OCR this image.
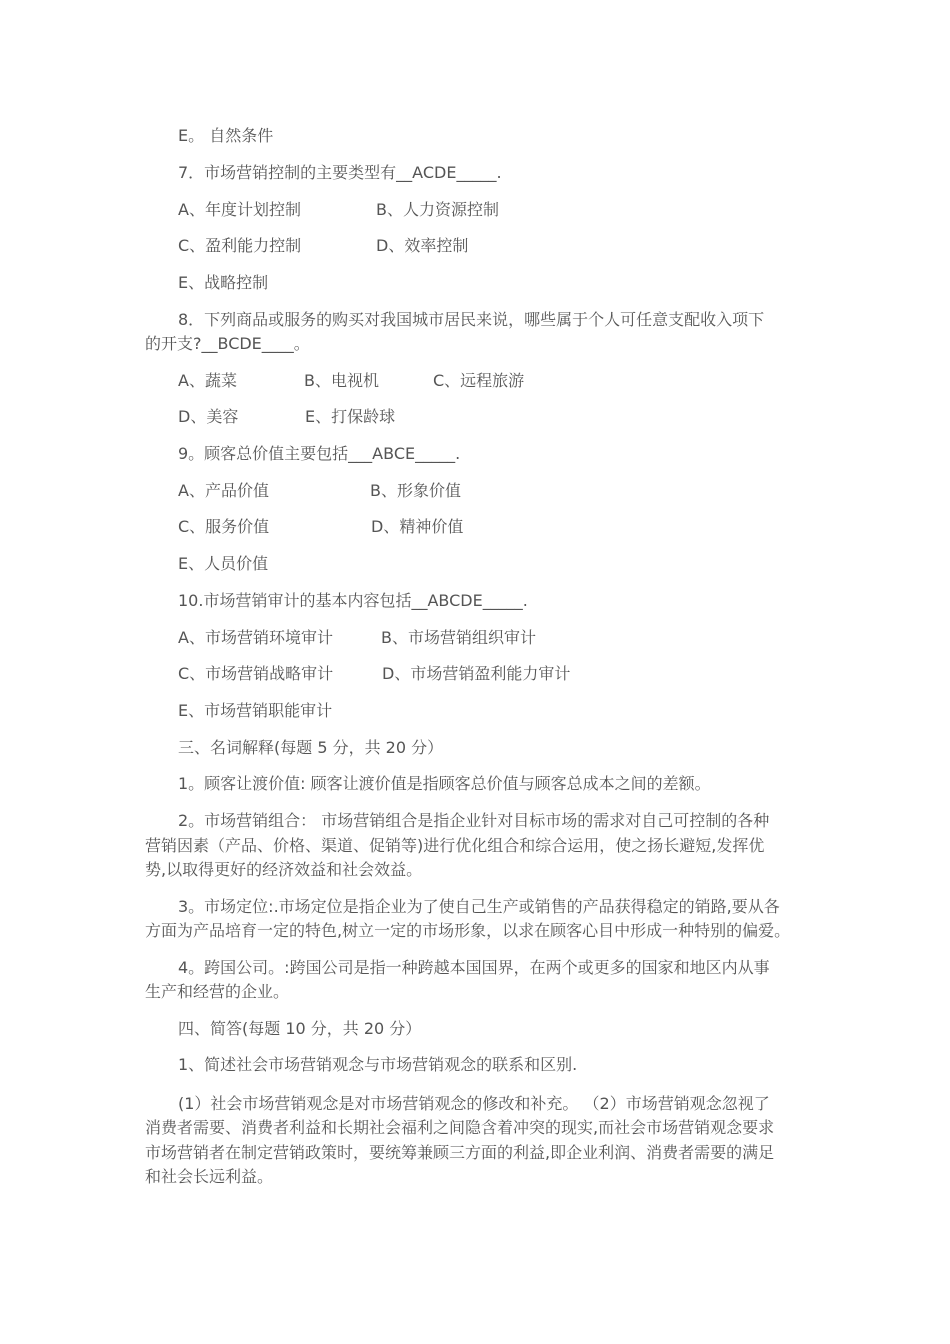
E。 自然条件
7．市场营销控制的主要类型有__ACDE_____.
A、年度计划控制	B、人力资源控制
C、盈利能力控制	D、效率控制
E、战略控制
8．下列商品或服务的购买对我国城市居民来说，哪些属于个人可任意支配收入项下
的开支?__BCDE____。
A、蔬菜	B、电视机	C、远程旅游
D、美容	E、打保龄球
9。顾客总价值主要包括___ABCE_____.
A、产品价值	B、形象价值
C、服务价值	D、精神价值
E、人员价值
10.市场营销审计的基本内容包括__ABCDE_____.
A、市场营销环境审计	B、市场营销组织审计
C、市场营销战略审计	D、市场营销盈利能力审计
E、市场营销职能审计
三、名词解释(每题 5 分，共 20 分）
1。顾客让渡价值: 顾客让渡价值是指顾客总价值与顾客总成本之间的差额。
2。市场营销组合： 市场营销组合是指企业针对目标市场的需求对自己可控制的各种
营销因素（产品、价格、渠道、促销等)进行优化组合和综合运用，使之扬长避短,发挥优
势,以取得更好的经济效益和社会效益。
3。市场定位:.市场定位是指企业为了使自己生产或销售的产品获得稳定的销路,要从各
方面为产品培育一定的特色,树立一定的市场形象，以求在顾客心目中形成一种特别的偏爱。
4。跨国公司。:跨国公司是指一种跨越本国国界，在两个或更多的国家和地区内从事
生产和经营的企业。
四、简答(每题 10 分，共 20 分）
1、简述社会市场营销观念与市场营销观念的联系和区别.
(1）社会市场营销观念是对市场营销观念的修改和补充。 （2）市场营销观念忽视了
消费者需要、消费者利益和长期社会福利之间隐含着冲突的现实,而社会市场营销观念要求
市场营销者在制定营销政策时，要统筹兼顾三方面的利益,即企业利润、消费者需要的满足
和社会长远利益。
